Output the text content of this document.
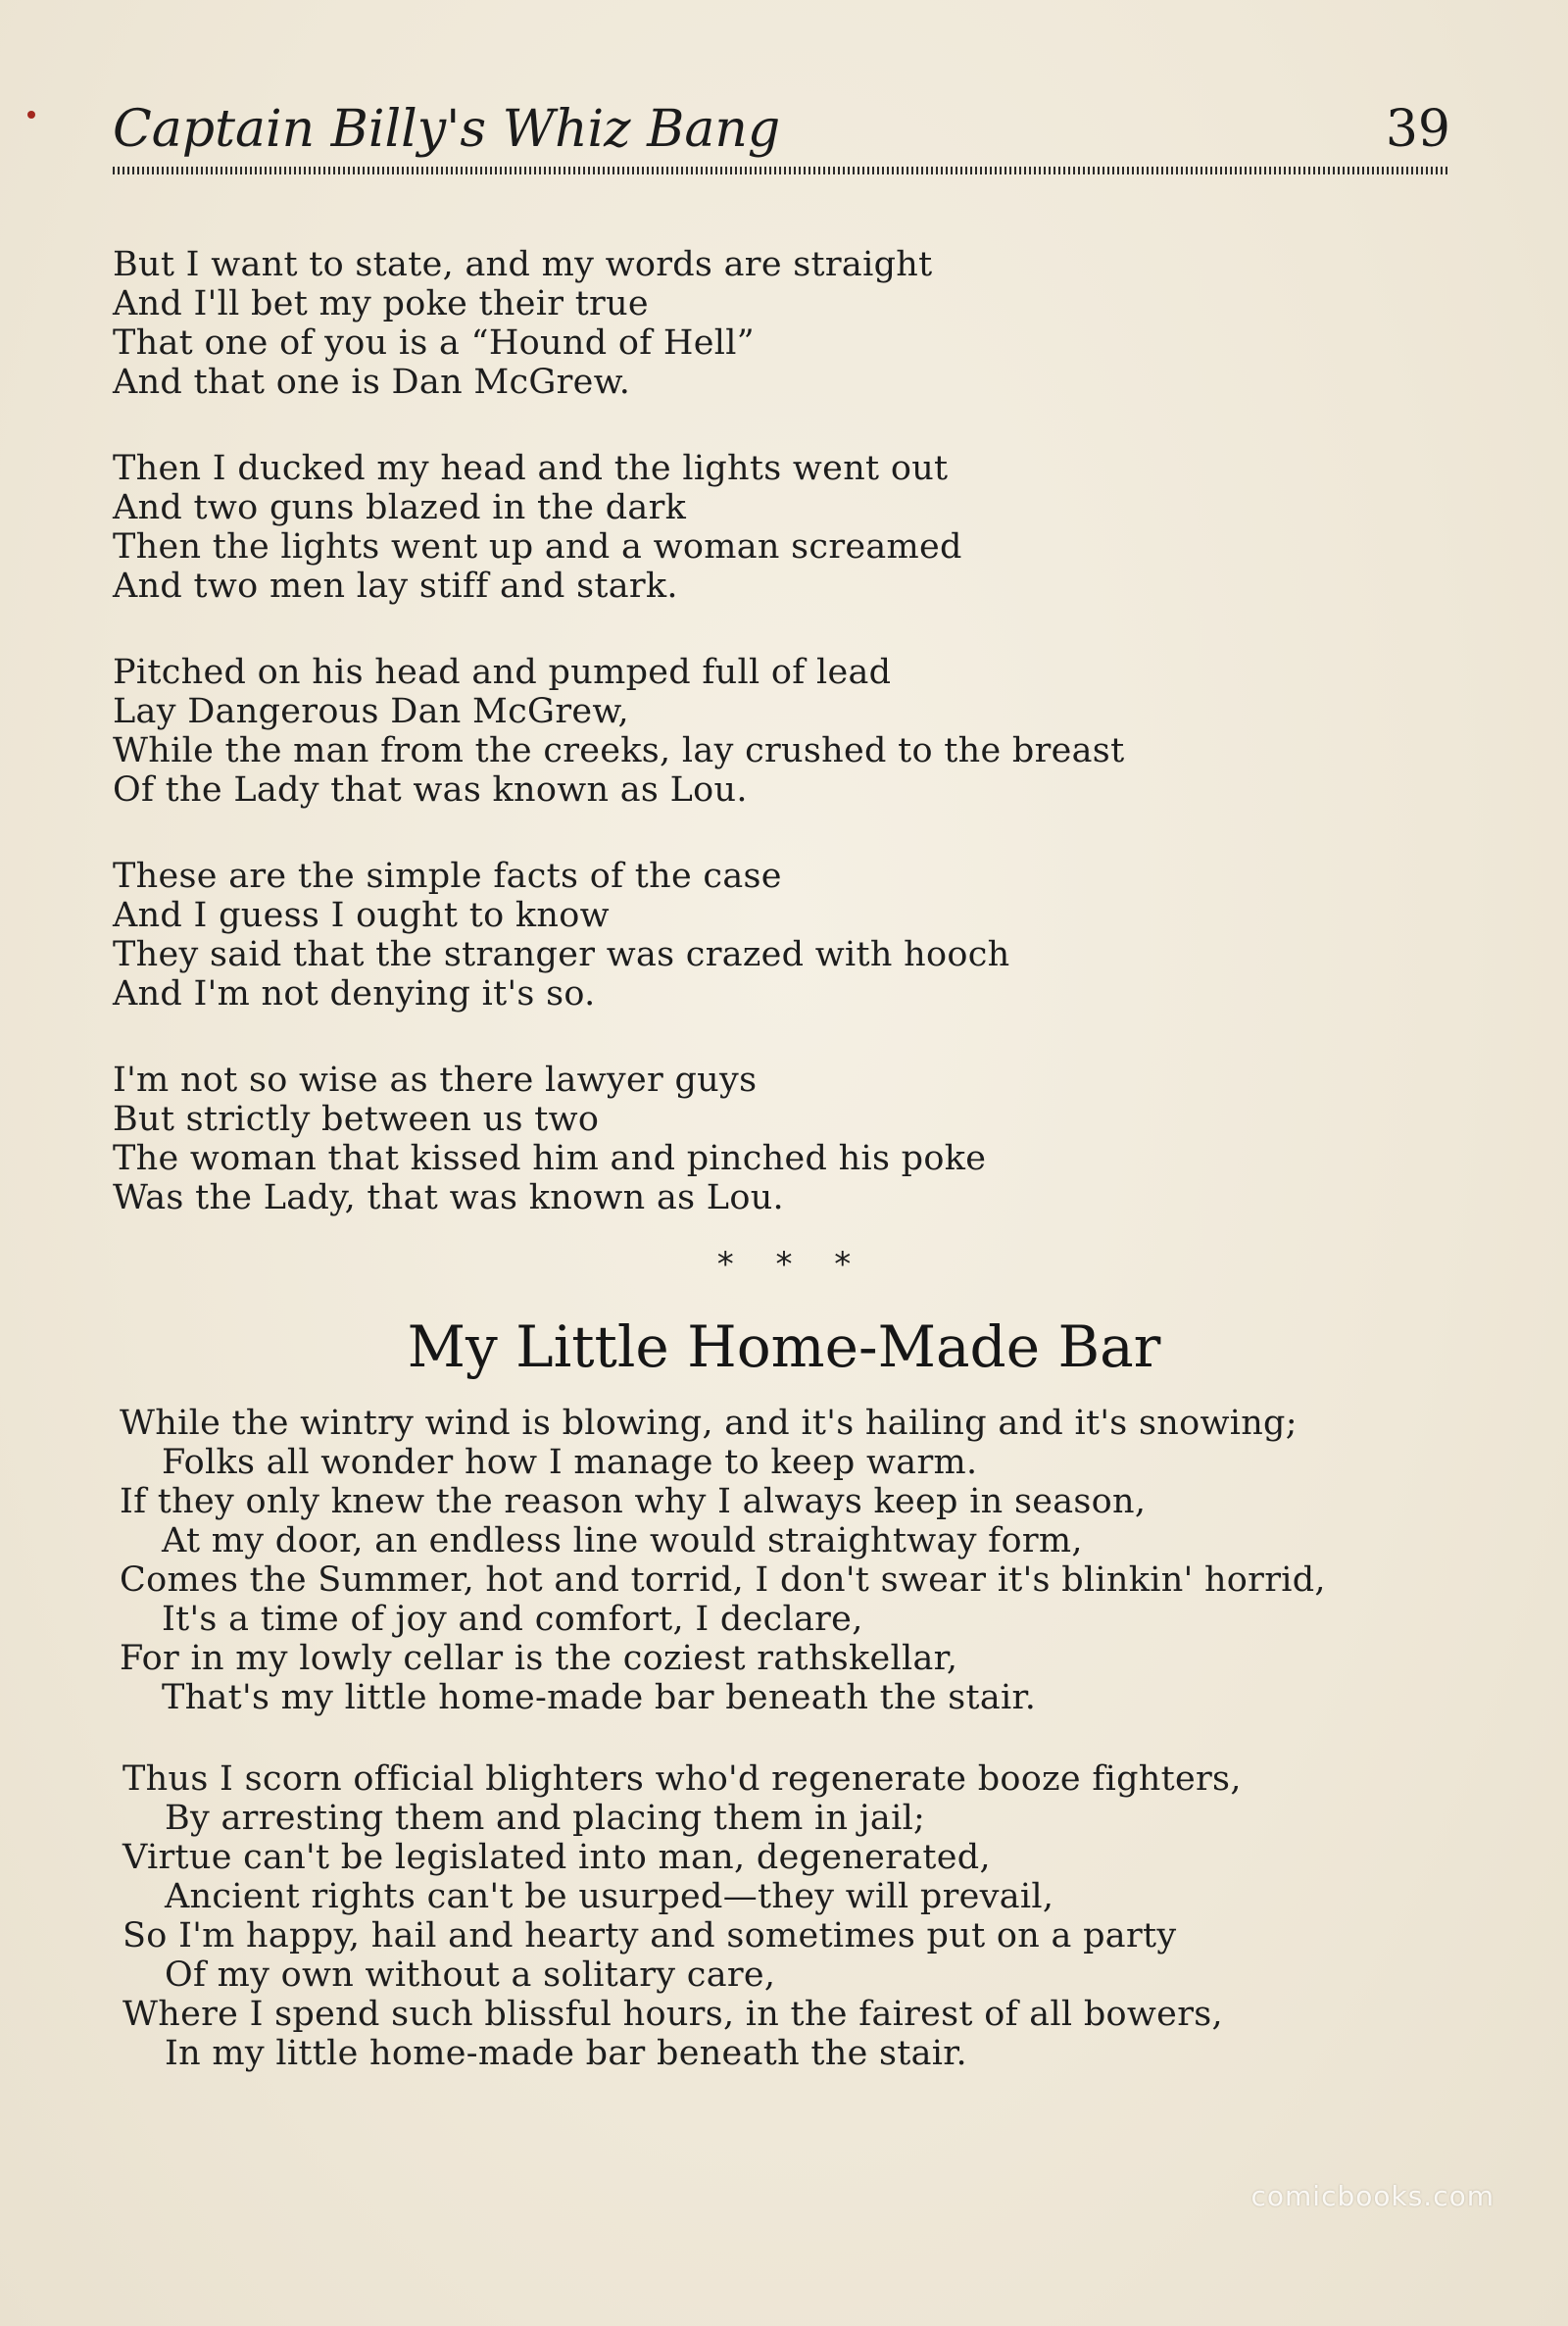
Captain Billy's Whiz Bang	39
But I want to state, and my words are straight
And I'll bet my poke their true
That one of you is a “Hound of Hell”
And that one is Dan McGrew.
Then I ducked my head and the lights went out
And two guns blazed in the dark
Then the lights went up and a woman screamed
And two men lay stiff and stark.
Pitched on his head and pumped full of lead
Lay Dangerous Dan McGrew,
While the man from the creeks, lay crushed to the breast
Of the Lady that was known as Lou.
These are the simple facts of the case
And I guess I ought to know
They said that the stranger was crazed with hooch
And I'm not denying it's so.
I'm not so wise as there lawyer guys
But strictly between us two
The woman that kissed him and pinched his poke
Was the Lady, that was known as Lou.
* * *
My Little Home-Made Bar
While the wintry wind is blowing, and it's hailing and it's snowing;
Folks all wonder how I manage to keep warm.
If they only knew the reason why I always keep in season,
At my door, an endless line would straightway form,
Comes the Summer, hot and torrid, I don't swear it's blinkin' horrid,
It's a time of joy and comfort, I declare,
For in my lowly cellar is the coziest rathskellar,
That's my little home-made bar beneath the stair.
Thus I scorn official blighters who'd regenerate booze fighters,
By arresting them and placing them in jail;
Virtue can't be legislated into man, degenerated,
Ancient rights can't be usurped—they will prevail,
So I'm happy, hail and hearty and sometimes put on a party
Of my own without a solitary care,
Where I spend such blissful hours, in the fairest of all bowers,
In my little home-made bar beneath the stair.
comicbooks.com
